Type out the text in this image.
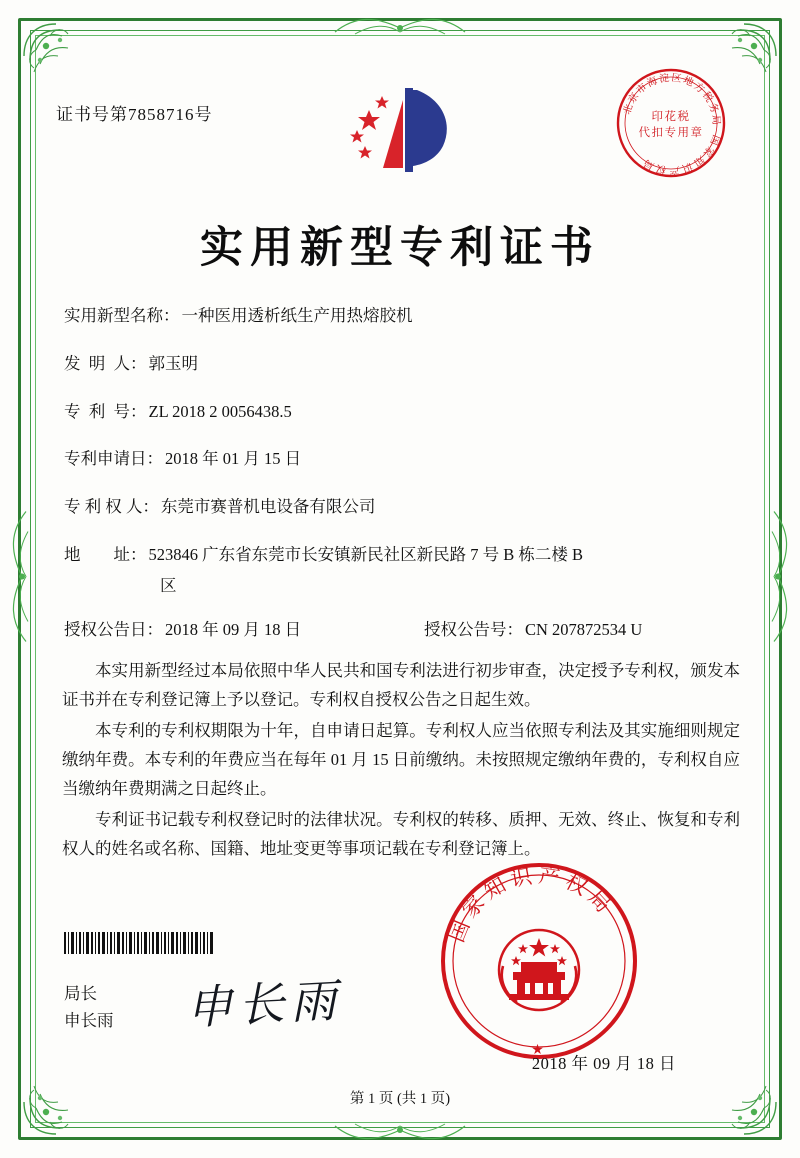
证书号第7858716号	北京市海淀区地方税务局
国家知识产权局
印花税
代扣专用章
实用新型专利证书
实用新型名称： 一种医用透析纸生产用热熔胶机
发  明  人： 郭玉明
专  利  号： ZL 2018 2 0056438.5
专利申请日： 2018 年 01 月 15 日
专 利 权 人： 东莞市赛普机电设备有限公司
地        址： 523846 广东省东莞市长安镇新民社区新民路 7 号 B 栋二楼 B
区
授权公告日： 2018 年 09 月 18 日	授权公告号： CN 207872534 U

本实用新型经过本局依照中华人民共和国专利法进行初步审查，决定授予专利权，颁发本证书并在专利登记簿上予以登记。专利权自授权公告之日起生效。

本专利的专利权期限为十年，自申请日起算。专利权人应当依照专利法及其实施细则规定缴纳年费。本专利的年费应当在每年 01 月 15 日前缴纳。未按照规定缴纳年费的，专利权自应当缴纳年费期满之日起终止。

专利证书记载专利权登记时的法律状况。专利权的转移、质押、无效、终止、恢复和专利权人的姓名或名称、国籍、地址变更等事项记载在专利登记簿上。

局长
申长雨 申长雨
国家知识产权局
★
2018 年 09 月 18 日
第 1 页 (共 1 页)
